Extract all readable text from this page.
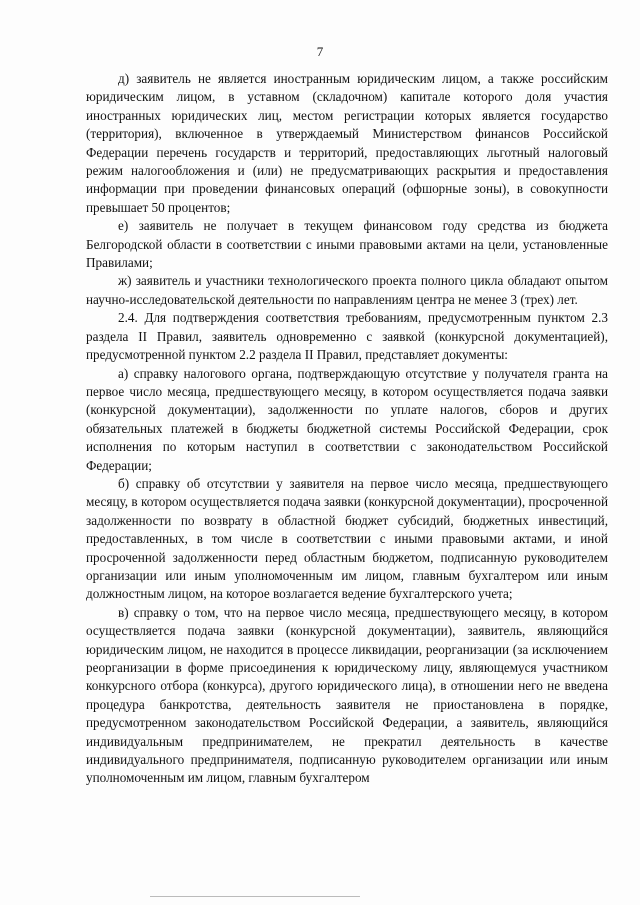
7

д) заявитель не является иностранным юридическим лицом, а также российским юридическим лицом, в уставном (складочном) капитале которого доля участия иностранных юридических лиц, местом регистрации которых является государство (территория), включенное в утверждаемый Министерством финансов Российской Федерации перечень государств и территорий, предоставляющих льготный налоговый режим налогообложения и (или) не предусматривающих раскрытия и предоставления информации при проведении финансовых операций (офшорные зоны), в совокупности превышает 50 процентов;

е) заявитель не получает в текущем финансовом году средства из бюджета Белгородской области в соответствии с иными правовыми актами на цели, установленные Правилами;

ж) заявитель и участники технологического проекта полного цикла обладают опытом научно-исследовательской деятельности по направлениям центра не менее 3 (трех) лет.

2.4. Для подтверждения соответствия требованиям, предусмотренным пунктом 2.3 раздела II Правил, заявитель одновременно с заявкой (конкурсной документацией), предусмотренной пунктом 2.2 раздела II Правил, представляет документы:

а) справку налогового органа, подтверждающую отсутствие у получателя гранта на первое число месяца, предшествующего месяцу, в котором осуществляется подача заявки (конкурсной документации), задолженности по уплате налогов, сборов и других обязательных платежей в бюджеты бюджетной системы Российской Федерации, срок исполнения по которым наступил в соответствии с законодательством Российской Федерации;

б) справку об отсутствии у заявителя на первое число месяца, предшествующего месяцу, в котором осуществляется подача заявки (конкурсной документации), просроченной задолженности по возврату в областной бюджет субсидий, бюджетных инвестиций, предоставленных, в том числе в соответствии с иными правовыми актами, и иной просроченной задолженности перед областным бюджетом, подписанную руководителем организации или иным уполномоченным им лицом, главным бухгалтером или иным должностным лицом, на которое возлагается ведение бухгалтерского учета;

в) справку о том, что на первое число месяца, предшествующего месяцу, в котором осуществляется подача заявки (конкурсной документации), заявитель, являющийся юридическим лицом, не находится в процессе ликвидации, реорганизации (за исключением реорганизации в форме присоединения к юридическому лицу, являющемуся участником конкурсного отбора (конкурса), другого юридического лица), в отношении него не введена процедура банкротства, деятельность заявителя не приостановлена в порядке, предусмотренном законодательством Российской Федерации, а заявитель, являющийся индивидуальным предпринимателем, не прекратил деятельность в качестве индивидуального предпринимателя, подписанную руководителем организации или иным уполномоченным им лицом, главным бухгалтером
